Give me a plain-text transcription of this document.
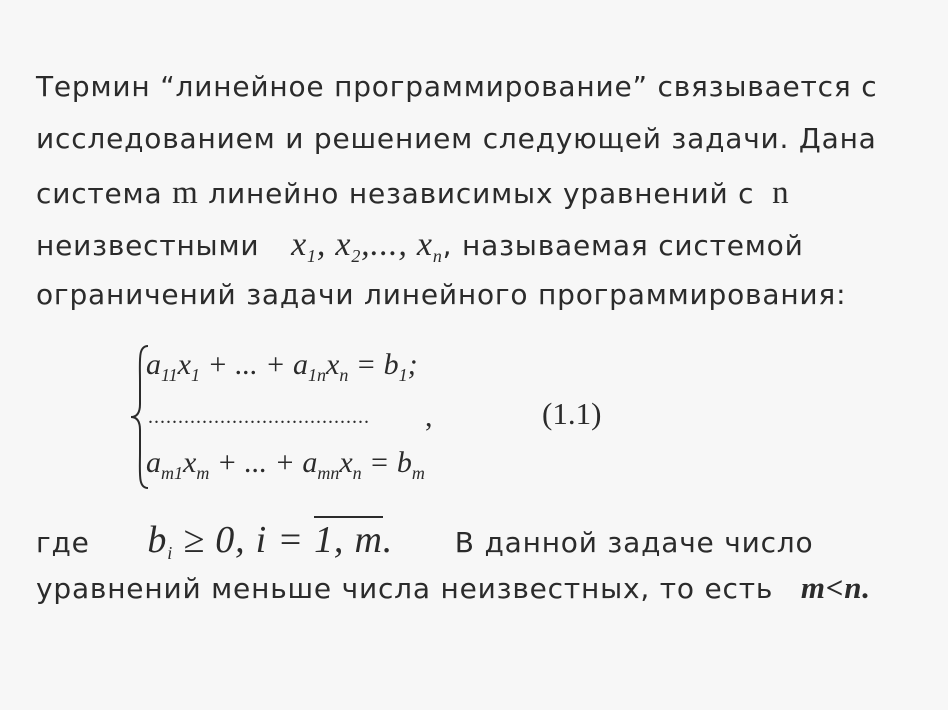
Термин “линейное программирование” связывается с
исследованием и решением следующей задачи. Дана
система m линейно независимых уравнений с n
неизвестными $x_1$, $x_2$,..., $x_n$, называемая системой
ограничений задачи линейного программирования:
$a_{11}x_1$ + ... + $a_{1n}x_n = b_1$;
..................................... ,	(1.1)
$a_{m1}x_m$ + ... + $a_{mn}x_n = b_m$
где $b_i \ge 0$, i = 1, m. В данной задаче число
уравнений меньше числа неизвестных, то есть m<n.
